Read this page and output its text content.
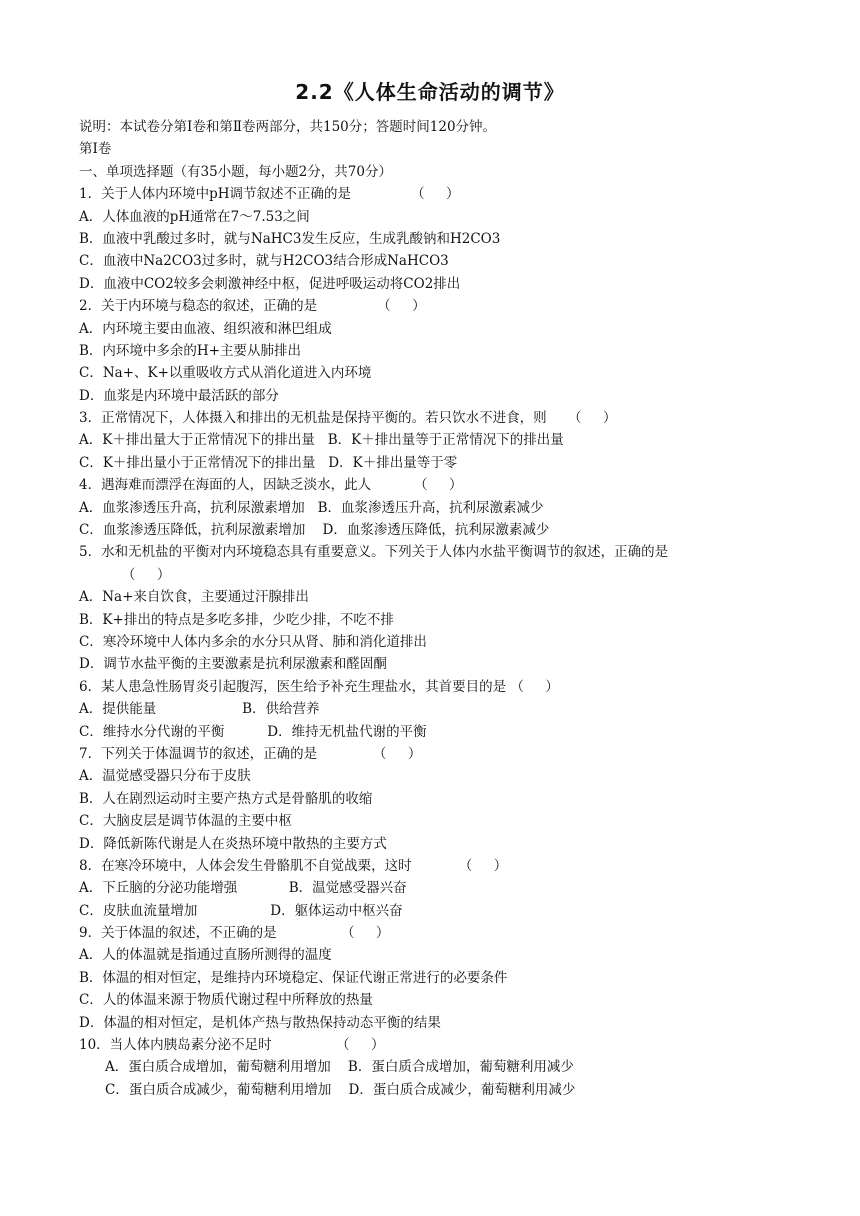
2.2《人体生命活动的调节》
说明：本试卷分第Ⅰ卷和第Ⅱ卷两部分，共150分；答题时间120分钟。
第Ⅰ卷
一、单项选择题（有35小题，每小题2分，共70分）
1．关于人体内环境中pH调节叙述不正确的是              （     ）
A．人体血液的pH通常在7～7.53之间
B．血液中乳酸过多时，就与NaHC3发生反应，生成乳酸钠和H2CO3
C．血液中Na2CO3过多时，就与H2CO3结合形成NaHCO3
D．血液中CO2较多会刺激神经中枢，促进呼吸运动将CO2排出
2．关于内环境与稳态的叙述，正确的是              （     ）
A．内环境主要由血液、组织液和淋巴组成
B．内环境中多余的H+主要从肺排出
C．Na+、K+以重吸收方式从消化道进入内环境
D．血浆是内环境中最活跃的部分
3．正常情况下，人体摄入和排出的无机盐是保持平衡的。若只饮水不进食，则     （     ）
A．K＋排出量大于正常情况下的排出量   B．K＋排出量等于正常情况下的排出量
C．K＋排出量小于正常情况下的排出量   D．K＋排出量等于零
4．遇海难而漂浮在海面的人，因缺乏淡水，此人          （     ）
A．血浆渗透压升高，抗利尿激素增加   B．血浆渗透压升高，抗利尿激素减少
C．血浆渗透压降低，抗利尿激素增加    D．血浆渗透压降低，抗利尿激素减少
5．水和无机盐的平衡对内环境稳态具有重要意义。下列关于人体内水盐平衡调节的叙述，正确的是
（     ）
A．Na+来自饮食，主要通过汗腺排出
B．K+排出的特点是多吃多排，少吃少排，不吃不排
C．寒冷环境中人体内多余的水分只从肾、肺和消化道排出
D．调节水盐平衡的主要激素是抗利尿激素和醛固酮
6．某人患急性肠胃炎引起腹泻，医生给予补充生理盐水，其首要目的是 （     ）
A．提供能量                    B．供给营养
C．维持水分代谢的平衡          D．维持无机盐代谢的平衡
7．下列关于体温调节的叙述，正确的是             （     ）
A．温觉感受器只分布于皮肤
B．人在剧烈运动时主要产热方式是骨骼肌的收缩
C．大脑皮层是调节体温的主要中枢
D．降低新陈代谢是人在炎热环境中散热的主要方式
8．在寒冷环境中，人体会发生骨骼肌不自觉战栗，这时           （     ）
A．下丘脑的分泌功能增强            B．温觉感受器兴奋
C．皮肤血流量增加                 D．躯体运动中枢兴奋
9．关于体温的叙述，不正确的是               （     ）
A．人的体温就是指通过直肠所测得的温度
B．体温的相对恒定，是维持内环境稳定、保证代谢正常进行的必要条件
C．人的体温来源于物质代谢过程中所释放的热量
D．体温的相对恒定，是机体产热与散热保持动态平衡的结果
10．当人体内胰岛素分泌不足时               （     ）
A．蛋白质合成增加，葡萄糖利用增加    B．蛋白质合成增加，葡萄糖利用减少
C．蛋白质合成减少，葡萄糖利用增加    D．蛋白质合成减少，葡萄糖利用减少
